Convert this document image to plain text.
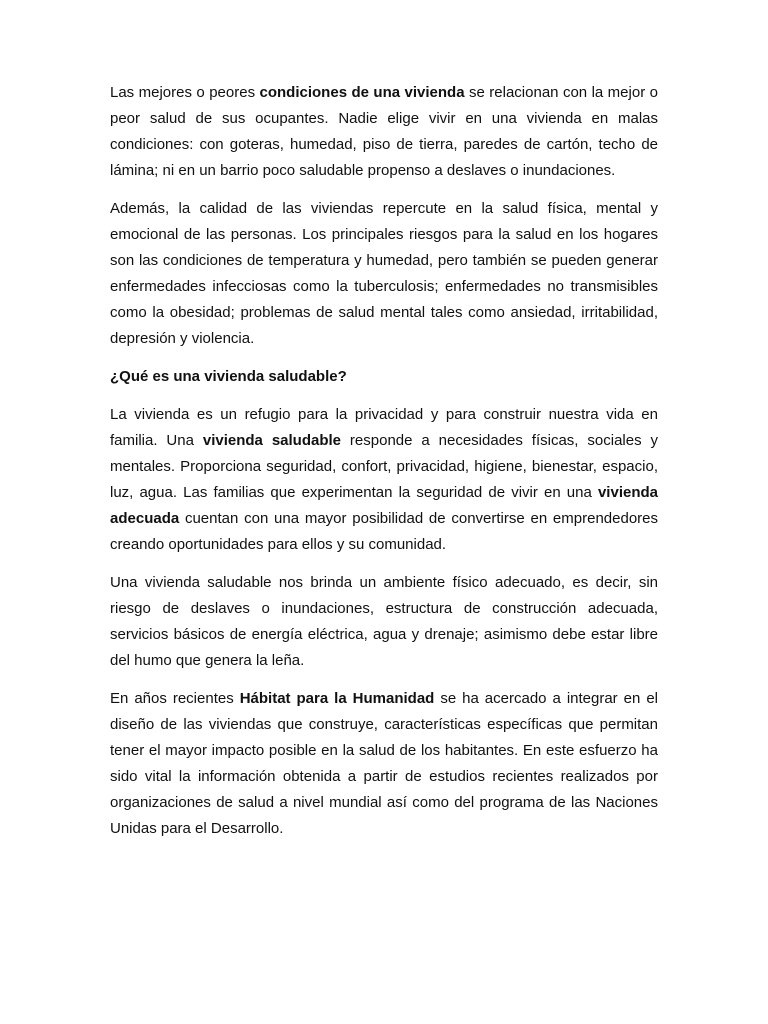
Las mejores o peores condiciones de una vivienda se relacionan con la mejor o peor salud de sus ocupantes. Nadie elige vivir en una vivienda en malas condiciones: con goteras, humedad, piso de tierra, paredes de cartón, techo de lámina; ni en un barrio poco saludable propenso a deslaves o inundaciones.

Además, la calidad de las viviendas repercute en la salud física, mental y emocional de las personas. Los principales riesgos para la salud en los hogares son las condiciones de temperatura y humedad, pero también se pueden generar enfermedades infecciosas como la tuberculosis; enfermedades no transmisibles como la obesidad; problemas de salud mental tales como ansiedad, irritabilidad, depresión y violencia.

¿Qué es una vivienda saludable?

La vivienda es un refugio para la privacidad y para construir nuestra vida en familia. Una vivienda saludable responde a necesidades físicas, sociales y mentales. Proporciona seguridad, confort, privacidad, higiene, bienestar, espacio, luz, agua. Las familias que experimentan la seguridad de vivir en una vivienda adecuada cuentan con una mayor posibilidad de convertirse en emprendedores creando oportunidades para ellos y su comunidad.

Una vivienda saludable nos brinda un ambiente físico adecuado, es decir, sin riesgo de deslaves o inundaciones, estructura de construcción adecuada, servicios básicos de energía eléctrica, agua y drenaje; asimismo debe estar libre del humo que genera la leña.

En años recientes Hábitat para la Humanidad se ha acercado a integrar en el diseño de las viviendas que construye, características específicas que permitan tener el mayor impacto posible en la salud de los habitantes. En este esfuerzo ha sido vital la información obtenida a partir de estudios recientes realizados por organizaciones de salud a nivel mundial así como del programa de las Naciones Unidas para el Desarrollo.
